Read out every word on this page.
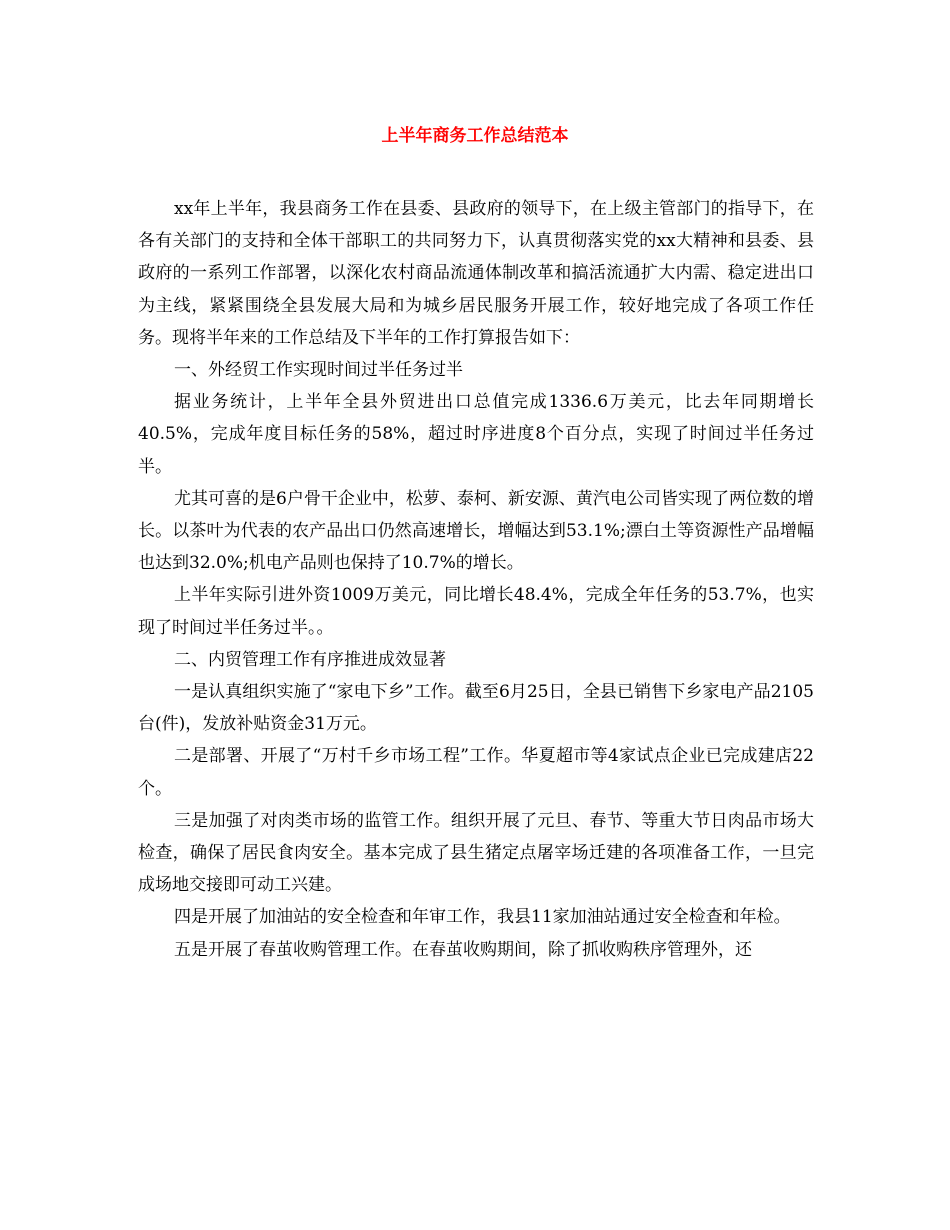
上半年商务工作总结范本

xx年上半年，我县商务工作在县委、县政府的领导下，在上级主管部门的指导下，在各有关部门的支持和全体干部职工的共同努力下，认真贯彻落实党的xx大精神和县委、县政府的一系列工作部署，以深化农村商品流通体制改革和搞活流通扩大内需、稳定进出口为主线，紧紧围绕全县发展大局和为城乡居民服务开展工作，较好地完成了各项工作任务。现将半年来的工作总结及下半年的工作打算报告如下：

一、外经贸工作实现时间过半任务过半

据业务统计，上半年全县外贸进出口总值完成1336.6万美元，比去年同期增长40.5%，完成年度目标任务的58%，超过时序进度8个百分点，实现了时间过半任务过半。

尤其可喜的是6户骨干企业中，松萝、泰柯、新安源、黄汽电公司皆实现了两位数的增长。以茶叶为代表的农产品出口仍然高速增长，增幅达到53.1%;漂白土等资源性产品增幅也达到32.0%;机电产品则也保持了10.7%的增长。

上半年实际引进外资1009万美元，同比增长48.4%，完成全年任务的53.7%，也实现了时间过半任务过半。。

二、内贸管理工作有序推进成效显著

一是认真组织实施了“家电下乡”工作。截至6月25日，全县已销售下乡家电产品2105台(件)，发放补贴资金31万元。

二是部署、开展了“万村千乡市场工程”工作。华夏超市等4家试点企业已完成建店22个。

三是加强了对肉类市场的监管工作。组织开展了元旦、春节、等重大节日肉品市场大检查，确保了居民食肉安全。基本完成了县生猪定点屠宰场迁建的各项准备工作，一旦完成场地交接即可动工兴建。

四是开展了加油站的安全检查和年审工作，我县11家加油站通过安全检查和年检。

五是开展了春茧收购管理工作。在春茧收购期间，除了抓收购秩序管理外，还
